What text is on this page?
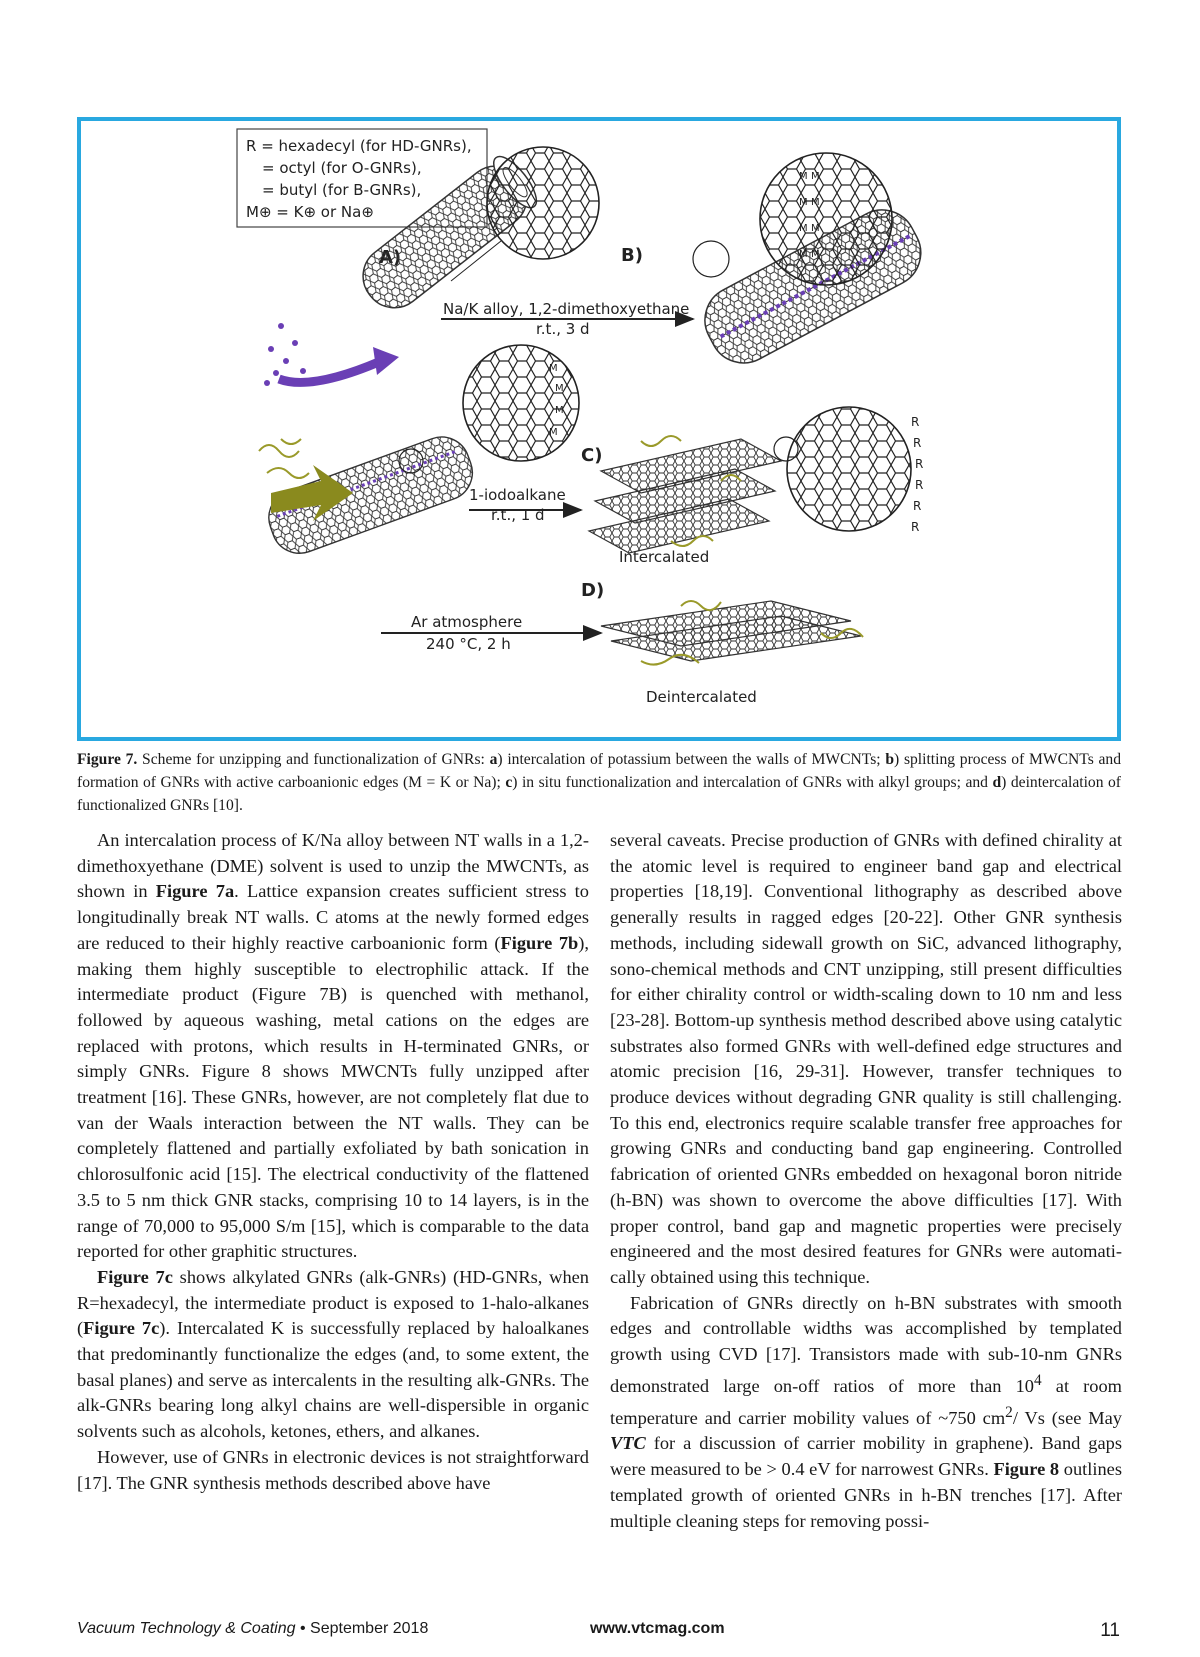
R = hexadecyl (for HD-GNRs),
= octyl (for O-GNRs),
= butyl (for B-GNRs),
M⊕ = K⊕ or Na⊕
Na/K alloy, 1,2-dimethoxyethane
r.t., 3 d
B)
M M
M M
M M
M M
M
M
M
M
C)
1-iodoalkane
r.t., 1 d
Intercalated
R
R
R
R
R
R
D)
Ar atmosphere
240 °C, 2 h
Deintercalated

Figure 7. Scheme for unzipping and functionalization of GNRs: a) intercalation of potassium between the walls of MWCNTs; b) splitting process of MWCNTs and formation of GNRs with active carboanionic edges (M = K or Na); c) in situ functionalization and intercalation of GNRs with alkyl groups; and d) deintercalation of functionalized GNRs [10].

An intercalation process of K/Na alloy between NT walls in a 1,2-dimethoxyethane (DME) solvent is used to unzip the MWCNTs, as shown in Figure 7a. Lattice expansion creates sufficient stress to longitudinally break NT walls. C atoms at the newly formed edges are reduced to their highly reactive carboanionic form (Figure 7b), making them highly susceptible to electrophilic attack. If the intermediate product (Figure 7B) is quenched with methanol, followed by aqueous washing, metal cations on the edges are replaced with protons, which results in H-terminated GNRs, or simply GNRs. Figure 8 shows MWCNTs fully unzipped after treatment [16]. These GNRs, however, are not completely flat due to van der Waals interaction between the NT walls. They can be completely flattened and partially exfoliated by bath sonication in chlorosulfonic acid [15]. The electrical conductivity of the flattened 3.5 to 5 nm thick GNR stacks, comprising 10 to 14 layers, is in the range of 70,000 to 95,000 S/m [15], which is comparable to the data reported for other graphitic structures.

Figure 7c shows alkylated GNRs (alk-GNRs) (HD-GNRs, when R=hexadecyl, the intermediate product is exposed to 1-halo-alkanes (Figure 7c). Intercalated K is successfully replaced by haloalkanes that predominantly functionalize the edges (and, to some extent, the basal planes) and serve as intercalents in the resulting alk-GNRs. The alk-GNRs bearing long alkyl chains are well-dispersible in organic solvents such as alcohols, ketones, ethers, and alkanes.

However, use of GNRs in electronic devices is not straightforward [17]. The GNR synthesis methods described above have

several caveats. Precise production of GNRs with defined chirality at the atomic level is required to engineer band gap and electrical properties [18,19]. Conventional lithography as described above generally results in ragged edges [20-22]. Other GNR synthesis methods, including sidewall growth on SiC, advanced lithography, sono-chemical methods and CNT unzipping, still present difficulties for either chirality control or width-scaling down to 10 nm and less [23-28]. Bottom-up synthesis method described above using catalytic substrates also formed GNRs with well-defined edge structures and atomic precision [16, 29-31]. However, transfer techniques to produce devices without degrading GNR quality is still challenging. To this end, electronics require scalable transfer free approaches for growing GNRs and conducting band gap engineering. Controlled fabrication of oriented GNRs embedded on hexagonal boron nitride (h-BN) was shown to overcome the above difficulties [17]. With proper control, band gap and magnetic properties were precisely engineered and the most desired features for GNRs were automatically obtained using this technique.

Fabrication of GNRs directly on h-BN substrates with smooth edges and controllable widths was accomplished by templated growth using CVD [17]. Transistors made with sub-10-nm GNRs demonstrated large on-off ratios of more than $10^4$ at room temperature and carrier mobility values of ~750 $cm^2/$ Vs (see May VTC for a discussion of carrier mobility in graphene). Band gaps were measured to be > 0.4 eV for narrowest GNRs. Figure 8 outlines templated growth of oriented GNRs in h-BN trenches [17]. After multiple cleaning steps for removing possi-

Vacuum Technology & Coating • September 2018	www.vtcmag.com	11
